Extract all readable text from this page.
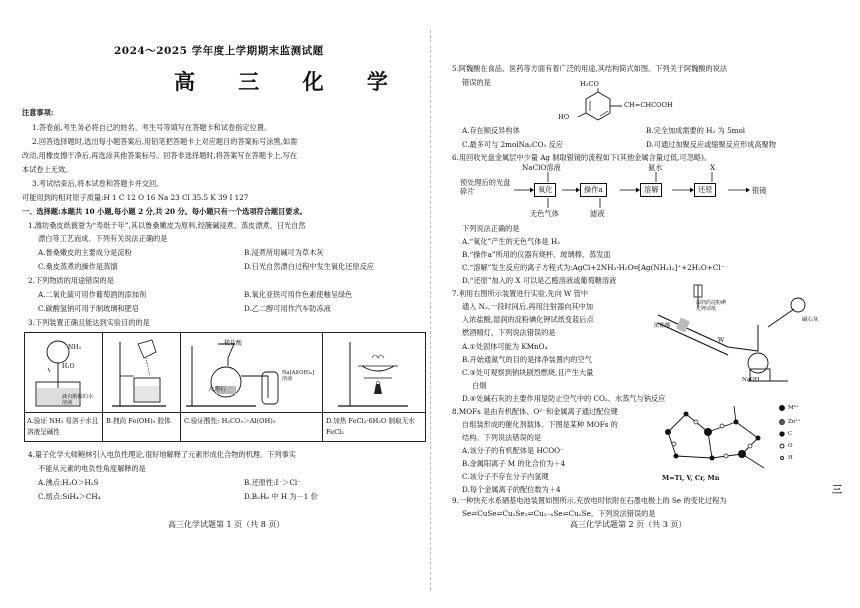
2024～2025 学年度上学期期末监测试题
高 三 化 学
注意事项:
1.答卷前,考生务必将自己的姓名、考生号等填写在答题卡和试卷指定位置。
2.回答选择题时,选出每小题答案后,用铅笔把答题卡上对应题目的答案标号涂黑,如需
改动,用橡皮擦干净后,再选涂其他答案标号。回答非选择题时,将答案写在答题卡上,写在
本试卷上无效。
3.考试结束后,将本试卷和答题卡并交回。
可能用到的相对原子质量:H 1 C 12 O 16 Na 23 Cl 35.5 K 39 I 127
一、选择题:本题共 10 小题,每小题 2 分,共 20 分。每小题只有一个选项符合题目要求。
1.潍坊桑皮纸被誉为“寿纸千年”,其以鲁桑嫩皮为原料,经腌碱浸煮、蒸皮漂煮、日光自然
漂白等工艺而成。下列有关说法正确的是
A.鲁桑嫩皮的主要成分是淀粉	B.浸煮所用碱可为草木灰
C.桑皮蒸煮的操作是蒸馏	D.日光自然漂白过程中发生氧化还原反应
2.下列物质的用途错误的是
A.二氧化硫可用作葡萄酒的添加剂	B.氧化亚铁可用作色素使釉呈绿色
C.碳酸氢钠可用于制玻璃和肥皂	D.乙二醇可用作汽车防冻液
3.下列装置正确且能达到实验目的的是
NH₃
H₂O
滴有酚酞的水溶液
稀盐酸
大理石
Na[Al(OH)₄]溶液
A.验证 NH₃ 易溶于水且溶液呈碱性
B.拽尚 Fe(OH)₃ 胶体	C.验证酸性: H₂CO₃＞Al(OH)₃	D.加热 FeCl₂·6H₂O 制取无水 FeCl₂
4.量子化学大师鲍林引入电负性理论,很好地解释了元素形成化合物的机理。下列事实
不能从元素的电负性角度解释的是
A.沸点:H₂O＞H₂S	B.还原性:I⁻＞Cl⁻
C.熔点:SiH₄＞CH₄	D.B₂H₆ 中 H 为－1 价
高三化学试题第 1 页（共 8 页）
5.阿魏酸在食品、医药等方面有着广泛的用途,其结构简式如图。下列关于阿魏酸的说法
错误的是	H₃CO
HO
CH=CHCOOH
A.存在顺反异构体	B.完全加成需要的 H₂ 为 5mol
C.最多可与 2molNa₂CO₃ 反应	D.可通过加聚反应或缩聚反应形成高聚物
6.用回收光盘金属层中少量 Ag 制取银镜的流程如下(其他金属含量过低,可忽略)。
NaClO溶液	氨水	X
预处理后的光盘碎片	氧化	操作a	溶解	还原	银镜
无色气体	滤液
下列说法正确的是
A.“氧化”产生的无色气体是 H₂
B.“操作a”所用的仪器有烧杯、玻璃棒、蒸发皿
C.“溶解”发生反应的离子方程式为:AgCl+2NH₃·H₂O═[Ag(NH₃)₂]⁺+2H₂O+Cl⁻
D.“还原”加入的 X 可以是乙醛溶液或葡萄糖溶液
7.利用右图所示装置进行实验,先向 W 管中
通入 N₂,一段时间后,再用注射器向其中加
入浓盐酸,湿润的淀粉碘化钾试纸变蓝后点
燃酒精灯。下列说法错误的是
浓盐酸
湿润的淀粉碘化钾试纸
碱石灰
W
NaOH
A.①处固体可能为 KMnO₄
B.开始通氮气的目的是排净装置内的空气
C.③处可观察到钠块剧烈燃烧,且产生大量
白烟
D.④处碱石灰的主要作用是防止空气中的 CO₂、水蒸气与钠反应
8.MOFs 是由有机配体、O²⁻和金属离子通过配位键
自组装形成的催化剂载体。下图是某种 MOFs 的
结构。下列说法错误的是
A.该分子的有机配体是 HCOO⁻
B.金属阳离子 M 的化合价为＋4
C.该分子不存在分子内氢键
D.每个金属离子的配位数为＋4
M⁴⁺
Zn²⁺
C
O
H
M=Ti, V, Cr, Mn
9.一种快充水系硒基电池装置如图所示,充放电时依附在石墨电极上的 Se 的变化过程为
Se⇌CuSe⇌Cu₂Se₃⇌Cu₂₋ₓSe⇌Cu₂Se。下列说法错误的是
高三化学试题第 2 页（共 3 页）
三
